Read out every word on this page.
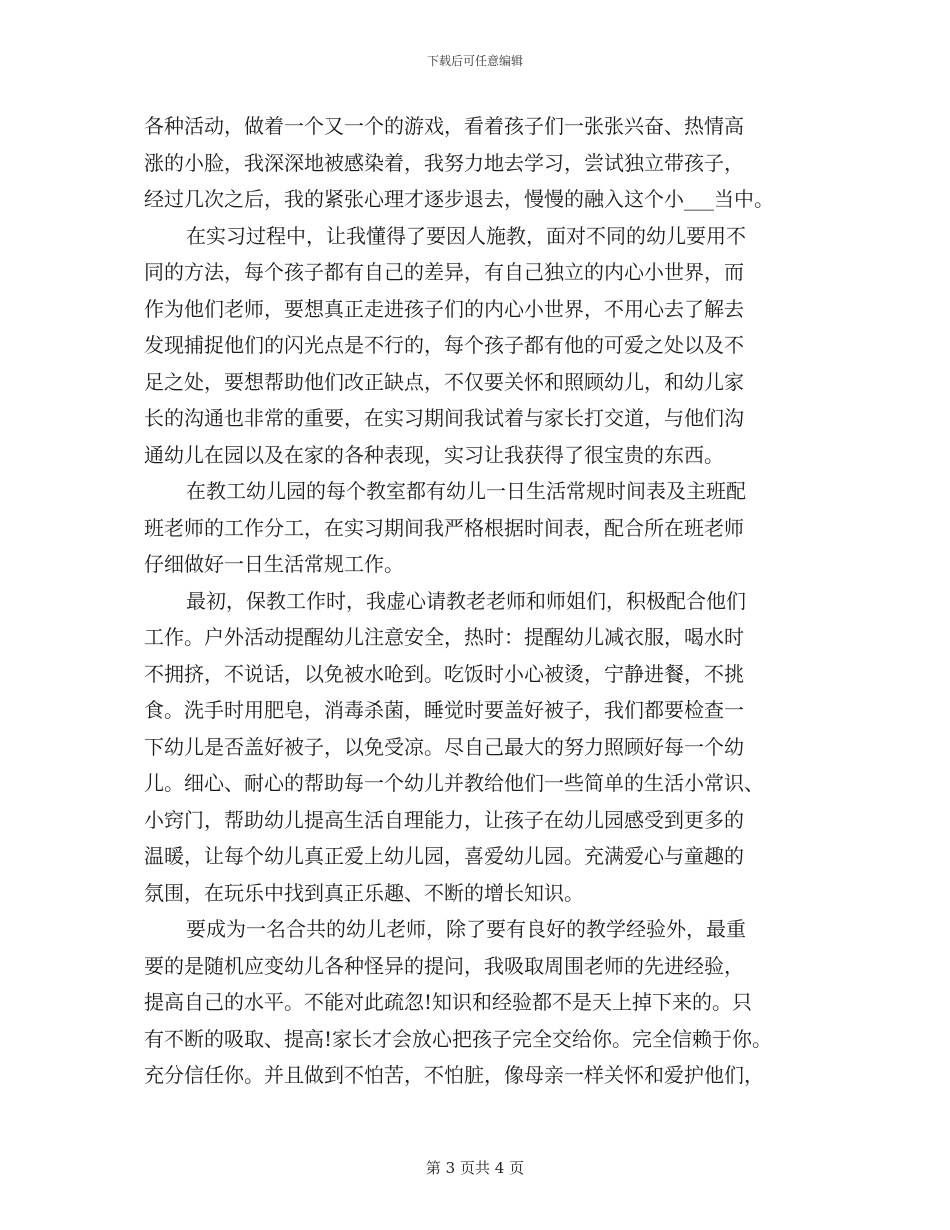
下载后可任意编辑
各种活动，做着一个又一个的游戏，看着孩子们一张张兴奋、热情高
涨的小脸，我深深地被感染着，我努力地去学习，尝试独立带孩子，
经过几次之后，我的紧张心理才逐步退去，慢慢的融入这个小___当中。
在实习过程中，让我懂得了要因人施教，面对不同的幼儿要用不
同的方法，每个孩子都有自己的差异，有自己独立的内心小世界，而
作为他们老师，要想真正走进孩子们的内心小世界，不用心去了解去
发现捕捉他们的闪光点是不行的，每个孩子都有他的可爱之处以及不
足之处，要想帮助他们改正缺点，不仅要关怀和照顾幼儿，和幼儿家
长的沟通也非常的重要，在实习期间我试着与家长打交道，与他们沟
通幼儿在园以及在家的各种表现，实习让我获得了很宝贵的东西。
在教工幼儿园的每个教室都有幼儿一日生活常规时间表及主班配
班老师的工作分工，在实习期间我严格根据时间表，配合所在班老师
仔细做好一日生活常规工作。
最初，保教工作时，我虚心请教老老师和师姐们，积极配合他们
工作。户外活动提醒幼儿注意安全，热时：提醒幼儿减衣服，喝水时
不拥挤，不说话，以免被水呛到。吃饭时小心被烫，宁静进餐，不挑
食。洗手时用肥皂，消毒杀菌，睡觉时要盖好被子，我们都要检查一
下幼儿是否盖好被子，以免受凉。尽自己最大的努力照顾好每一个幼
儿。细心、耐心的帮助每一个幼儿并教给他们一些简单的生活小常识、
小窍门，帮助幼儿提高生活自理能力，让孩子在幼儿园感受到更多的
温暖，让每个幼儿真正爱上幼儿园，喜爱幼儿园。充满爱心与童趣的
氛围，在玩乐中找到真正乐趣、不断的增长知识。
要成为一名合共的幼儿老师，除了要有良好的教学经验外，最重
要的是随机应变幼儿各种怪异的提问，我吸取周围老师的先进经验，
提高自己的水平。不能对此疏忽!知识和经验都不是天上掉下来的。只
有不断的吸取、提高!家长才会放心把孩子完全交给你。完全信赖于你。
充分信任你。并且做到不怕苦，不怕脏，像母亲一样关怀和爱护他们，
第 3 页共 4 页
